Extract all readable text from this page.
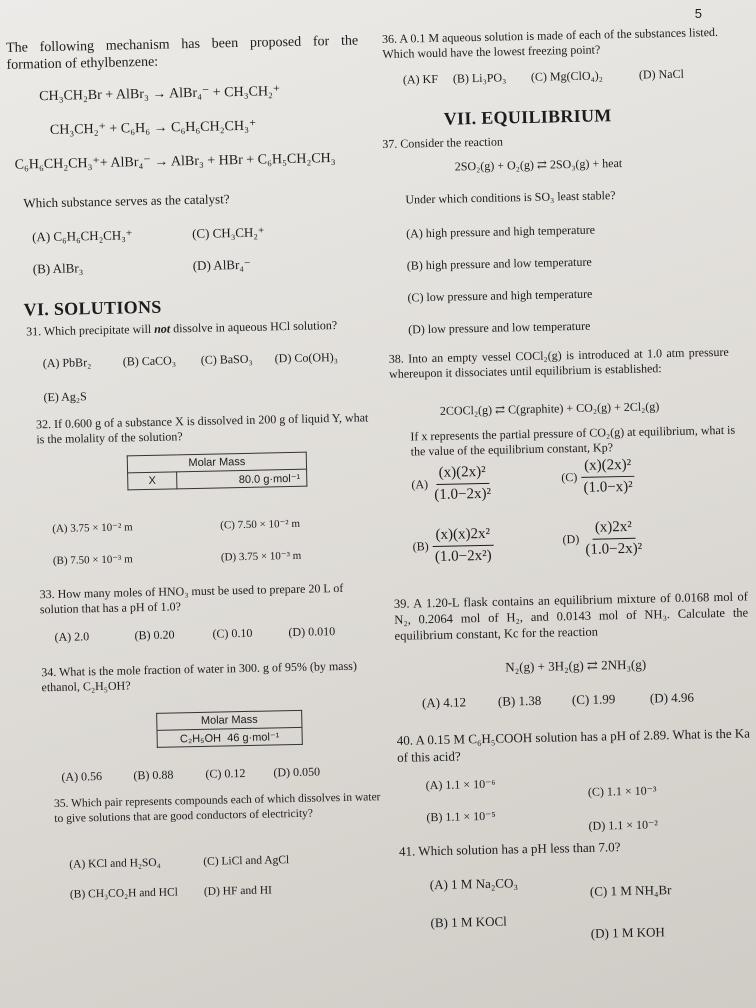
5
The following mechanism has been proposed for the formation of ethylbenzene:
CH₃CH₂Br + AlBr₃ → AlBr₄⁻ + CH₃CH₂⁺
CH₃CH₂⁺ + C₆H₆ → C₆H₆CH₂CH₃⁺
C₆H₆CH₂CH₃⁺+ AlBr₄⁻ → AlBr₃ + HBr + C₆H₅CH₂CH₃
Which substance serves as the catalyst?
(A) C₆H₆CH₂CH₃⁺	(C) CH₃CH₂⁺
(B) AlBr₃	(D) AlBr₄⁻
VI. SOLUTIONS
31. Which precipitate will not dissolve in aqueous HCl solution?
(A) PbBr₂	(B) CaCO₃ (C) BaSO₃ (D) Co(OH)₃
(E) Ag₂S
32. If 0.600 g of a substance X is dissolved in 200 g of liquid Y, what is the molality of the solution?
Molar Mass
X	80.0 g·mol⁻¹
(A) 3.75 × 10⁻² m	(C) 7.50 × 10⁻² m
(B) 7.50 × 10⁻³ m	(D) 3.75 × 10⁻³ m
33. How many moles of HNO₃ must be used to prepare 20 L of solution that has a pH of 1.0?
(A) 2.0	(B) 0.20	(C) 0.10	(D) 0.010
34. What is the mole fraction of water in 300. g of 95% (by mass) ethanol, C₂H₅OH?
Molar Mass
C₂H₅OH 46 g·mol⁻¹
(A) 0.56	(B) 0.88	(C) 0.12 (D) 0.050
35. Which pair represents compounds each of which dissolves in water to give solutions that are good conductors of electricity?
(A) KCl and H₂SO₄	(C) LiCl and AgCl
(B) CH₃CO₂H and HCl (D) HF and HI
36. A 0.1 M aqueous solution is made of each of the substances listed. Which would have the lowest freezing point?
(A) KF (B) Li₃PO₃ (C) Mg(ClO₄)₂	(D) NaCl
VII. EQUILIBRIUM
37. Consider the reaction
2SO₂(g) + O₂(g) ⇄ 2SO₃(g) + heat
Under which conditions is SO₃ least stable?
(A) high pressure and high temperature
(B) high pressure and low temperature
(C) low pressure and high temperature
(D) low pressure and low temperature
38. Into an empty vessel COCl₂(g) is introduced at 1.0 atm pressure whereupon it dissociates until equilibrium is established:
2COCl₂(g) ⇄ C(graphite) + CO₂(g) + 2Cl₂(g)
If x represents the partial pressure of CO₂(g) at equilibrium, what is the value of the equilibrium constant, Kp?
$(A) \frac{\text{(x)(2x)²}}{\text{(1.0−2x)²}}$	$(C) \frac{\text{(x)(2x)²}}{\text{(1.0−x)²}}$
$(B) \frac{\text{(x)(x)2x²}}{\text{(1.0−2x²)}}$	$(D) \frac{\text{(x)2x²}}{\text{(1.0−2x)²}}$
39. A 1.20-L flask contains an equilibrium mixture of 0.0168 mol of N₂, 0.2064 mol of H₂, and 0.0143 mol of NH₃. Calculate the equilibrium constant, Kc for the reaction
N₂(g) + 3H₂(g) ⇄ 2NH₃(g)
(A) 4.12 (B) 1.38 (C) 1.99	(D) 4.96
40. A 0.15 M C₆H₅COOH solution has a pH of 2.89. What is the Ka of this acid?
(A) 1.1 × 10⁻⁶	(C) 1.1 × 10⁻³
(B) 1.1 × 10⁻⁵
(D) 1.1 × 10⁻²
41. Which solution has a pH less than 7.0?
(A) 1 M Na₂CO₃	(C) 1 M NH₄Br
(B) 1 M KOCl
(D) 1 M KOH
